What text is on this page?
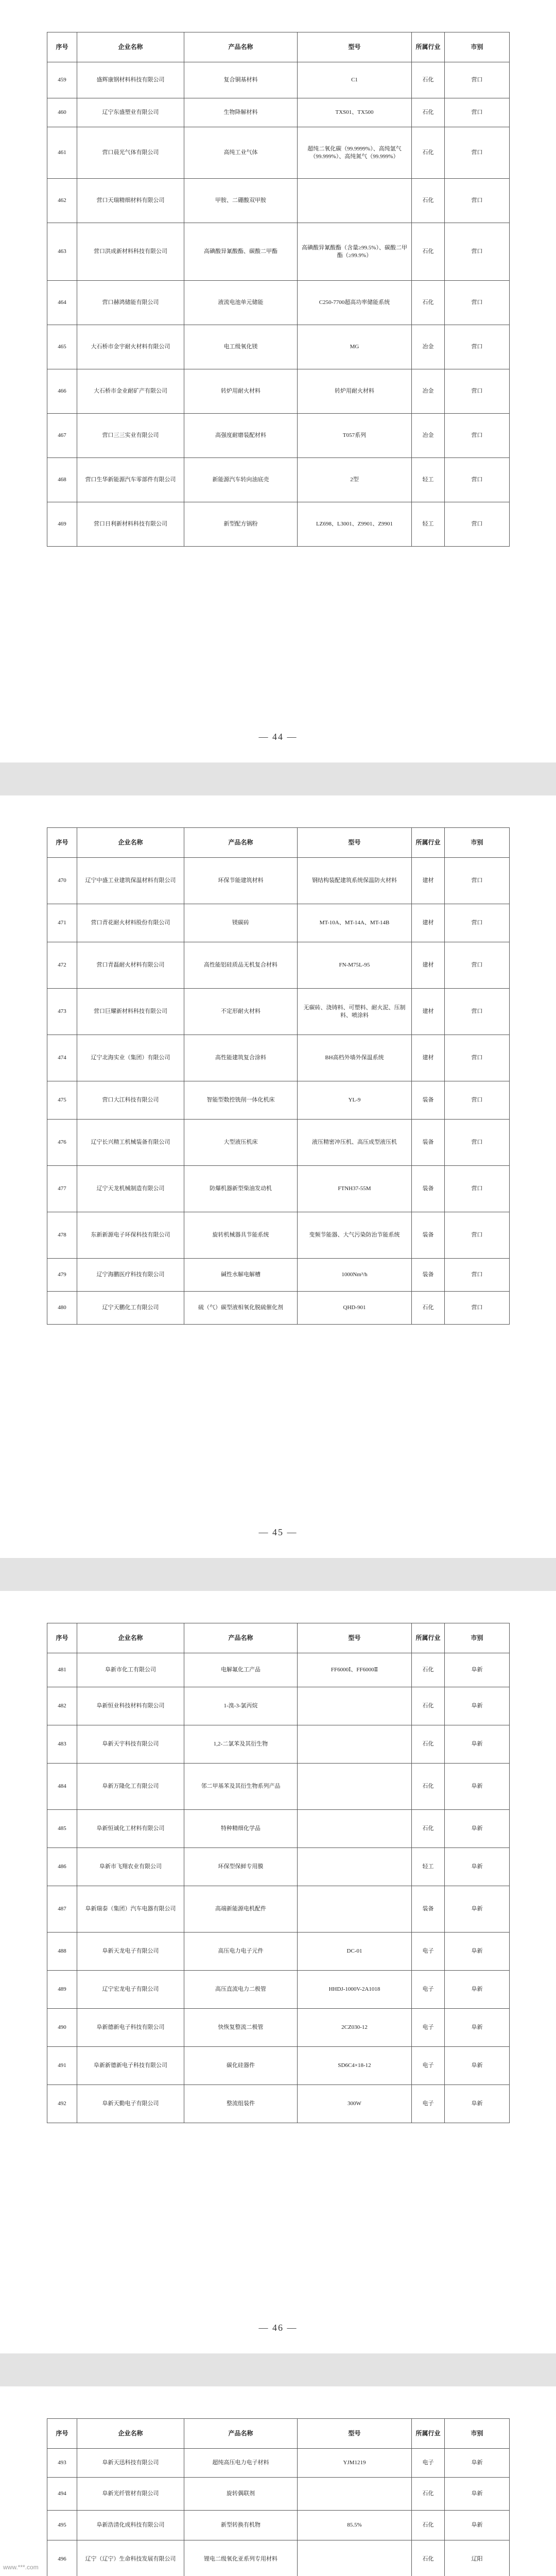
序号	企业名称	产品名称	型号	所属行业	市别
459	盛辉康钢材料科技有限公司	复合铜基材料	C1	石化	营口
460	辽宁东盛塑业有限公司	生物降解材料	TXS01、TX500	石化	营口
461	营口晨光气体有限公司	高纯工业气体	超纯二氧化碳（99.9999%）、高纯氩气（99.999%）、高纯氮气（99.999%）	石化	营口
462	营口天瑞精细材料有限公司	甲胺、二硼酸双甲胺		石化	营口
463	营口洪成新材料科技有限公司	高碘酸异氰酸酯、碳酸二甲酯	高碘酸异氰酸酯（含量≥99.5%）、碳酸二甲酯（≥99.9%）	石化	营口
464	营口赫鸿储能有限公司	液流电池单元储能	C250-7700超高功率储能系统	石化	营口
465	大石桥市金宇耐火材料有限公司	电工级氧化镁	MG	冶金	营口
466	大石桥市金业耐矿产有限公司	转炉用耐火材料	转炉用耐火材料	冶金	营口
467	营口三三实业有限公司	高强度耐磨装配材料	T057系列	冶金	营口
468	营口生华新能源汽车零部件有限公司	新能源汽车转向油底壳	2型	轻工	营口
469	营口日利新材料科技有限公司	新型配方锅粉	LZ698、L3001、Z9901、Z9901	轻工	营口
— 44 —
序号	企业名称	产品名称	型号	所属行业	市别
470	辽宁中盛工业建筑保温材料有限公司	环保节能建筑材料	钢结构装配建筑系统保温防火材料	建材	营口
471	营口青花耐火材料股份有限公司	镁碳砖	MT-10A、MT-14A、MT-14B	建材	营口
472	营口青磊耐火材料有限公司	高性能铝硅质品无机复合材料	FN-M75L-95	建材	营口
473	营口巨耀新材料科技有限公司	不定形耐火材料	无碳砖、浇铸料、可塑料、耐火泥、压制料、喷涂料	建材	营口
474	辽宁北海实业（集团）有限公司	高性能建筑复合涂料	BH高档外墙外保温系统	建材	营口
475	营口大江科技有限公司	智能型数控铣削一体化机床	YL-9	装备	营口
476	辽宁长兴精工机械装备有限公司	大型液压机床	液压精密冲压机、高压成型液压机	装备	营口
477	辽宁天龙机械制造有限公司	防爆机器新型柴油发动机	FTNH37-55M	装备	营口
478	东新新源电子环保科技有限公司	旋转机械器具节能系统	变频节能器、大气污染防治节能系统	装备	营口
479	辽宁海鹏医疗科技有限公司	碱性水解电解槽	1000Nm³/h	装备	营口
480	辽宁天鹏化工有限公司	硫（气）碳型液相氧化脱硫催化剂	QHD-901	石化	营口
— 45 —
序号	企业名称	产品名称	型号	所属行业	市别
481	阜新市化工有限公司	电解氟化工产品	FF6000Ⅰ、FF6000Ⅱ	石化	阜新
482	阜新恒业科技材料有限公司	1-溴-3-氯丙烷		石化	阜新
483	阜新天宇科技有限公司	1,2-二氯苯及其衍生物		石化	阜新
484	阜新万隆化工有限公司	邻二甲基苯及其衍生物系列产品		石化	阜新
485	阜新恒诚化工材料有限公司	特种精细化学品		石化	阜新
486	阜新市飞翔农业有限公司	环保型保鲜专用膜		轻工	阜新
487	阜新瑞泰（集团）汽车电器有限公司	高端新能源电机配件		装备	阜新
488	阜新天龙电子有限公司	高压电力电子元件	DC-01	电子	阜新
489	辽宁宏龙电子有限公司	高压直流电力二极管	HHDJ-1000V-2A1018	电子	阜新
490	阜新德新电子科技有限公司	快恢复整流二极管	2CZ030-12	电子	阜新
491	阜新新德新电子科技有限公司	碳化硅器件	SD6C4×18-12	电子	阜新
492	阜新天勤电子有限公司	整流组装件	300W	电子	阜新
— 46 —
序号	企业名称	产品名称	型号	所属行业	市别
493	阜新天迅科技有限公司	超纯高压电力电子材料	YJM1219	电子	阜新
494	阜新光纤管材有限公司	旋转偶联剂		石化	阜新
495	阜新浩清化成科技有限公司	新型转换有机物	85.5%	石化	阜新
496	辽宁（辽宁）生命科技发展有限公司	锂电二级氧化亚系列专用材料		石化	辽阳

www.***.com
